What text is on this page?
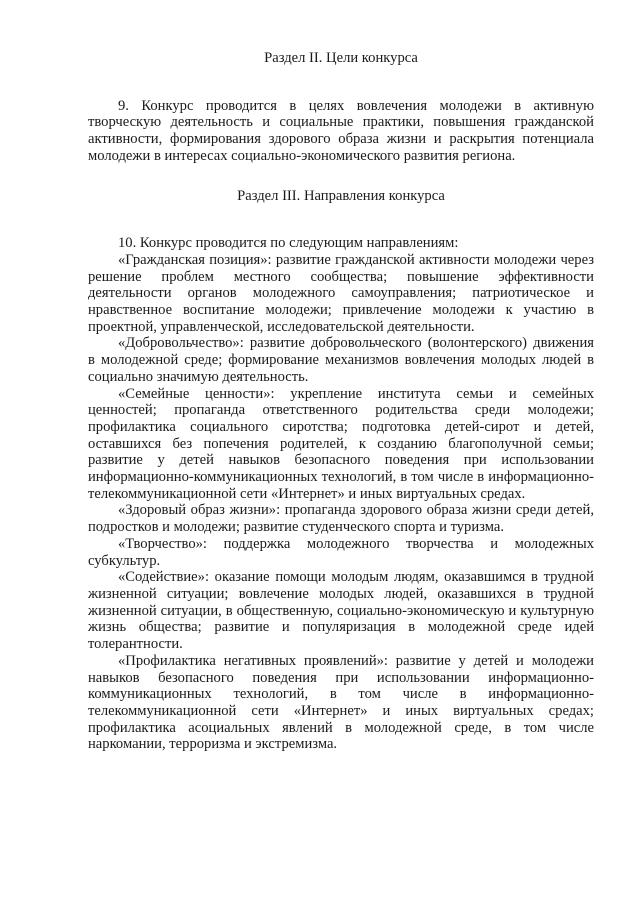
Раздел II. Цели конкурса

9. Конкурс проводится в целях вовлечения молодежи в активную творческую деятельность и социальные практики, повышения гражданской активности, формирования здорового образа жизни и раскрытия потенциала молодежи в интересах социально-экономического развития региона.

Раздел III. Направления конкурса

10. Конкурс проводится по следующим направлениям:

«Гражданская позиция»: развитие гражданской активности молодежи через решение проблем местного сообщества; повышение эффективности деятельности органов молодежного самоуправления; патриотическое и нравственное воспитание молодежи; привлечение молодежи к участию в проектной, управленческой, исследовательской деятельности.

«Добровольчество»: развитие добровольческого (волонтерского) движения в молодежной среде; формирование механизмов вовлечения молодых людей в социально значимую деятельность.

«Семейные ценности»: укрепление института семьи и семейных ценностей; пропаганда ответственного родительства среди молодежи; профилактика социального сиротства; подготовка детей-сирот и детей, оставшихся без попечения родителей, к созданию благополучной семьи; развитие у детей навыков безопасного поведения при использовании информационно-коммуникационных технологий, в том числе в информационно-телекоммуникационной сети «Интернет» и иных виртуальных средах.

«Здоровый образ жизни»: пропаганда здорового образа жизни среди детей, подростков и молодежи; развитие студенческого спорта и туризма.

«Творчество»: поддержка молодежного творчества и молодежных субкультур.

«Содействие»: оказание помощи молодым людям, оказавшимся в трудной жизненной ситуации; вовлечение молодых людей, оказавшихся в трудной жизненной ситуации, в общественную, социально-экономическую и культурную жизнь общества; развитие и популяризация в молодежной среде идей толерантности.

«Профилактика негативных проявлений»: развитие у детей и молодежи навыков безопасного поведения при использовании информационно-коммуникационных технологий, в том числе в информационно-телекоммуникационной сети «Интернет» и иных виртуальных средах; профилактика асоциальных явлений в молодежной среде, в том числе наркомании, терроризма и экстремизма.
